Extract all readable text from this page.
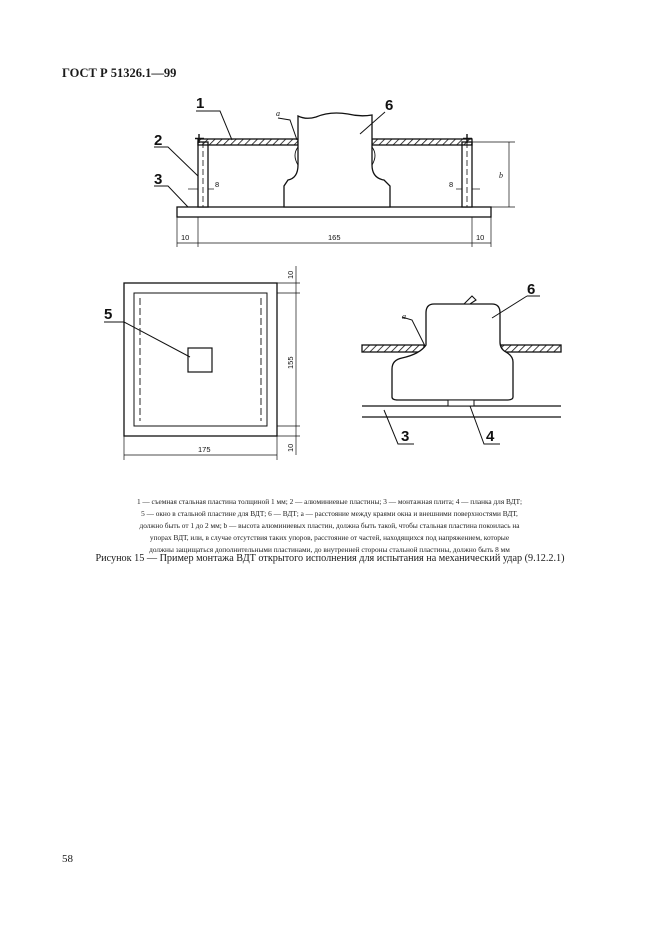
ГОСТ Р 51326.1—99
1
2
3
6
a
b
8	8
10	165	10
5
175
10
155
10
6
3	4
a

1 — съемная стальная пластина толщиной 1 мм; 2 — алюминиевые пластины; 3 — монтажная плита; 4 — планка для ВДТ;

5 — окно в стальной пластине для ВДТ; 6 — ВДТ; a — расстояние между краями окна и внешними поверхностями ВДТ,

должно быть от 1 до 2 мм; b — высота алюминиевых пластин, должна быть такой, чтобы стальная пластина покоилась на

упорах ВДТ, или, в случае отсутствия таких упоров, расстояние от частей, находящихся под напряжением, которые

должны защищаться дополнительными пластинами, до внутренней стороны стальной пластины, должно быть 8 мм

Рисунок 15 — Пример монтажа ВДТ открытого исполнения для испытания на механический удар (9.12.2.1)
58
